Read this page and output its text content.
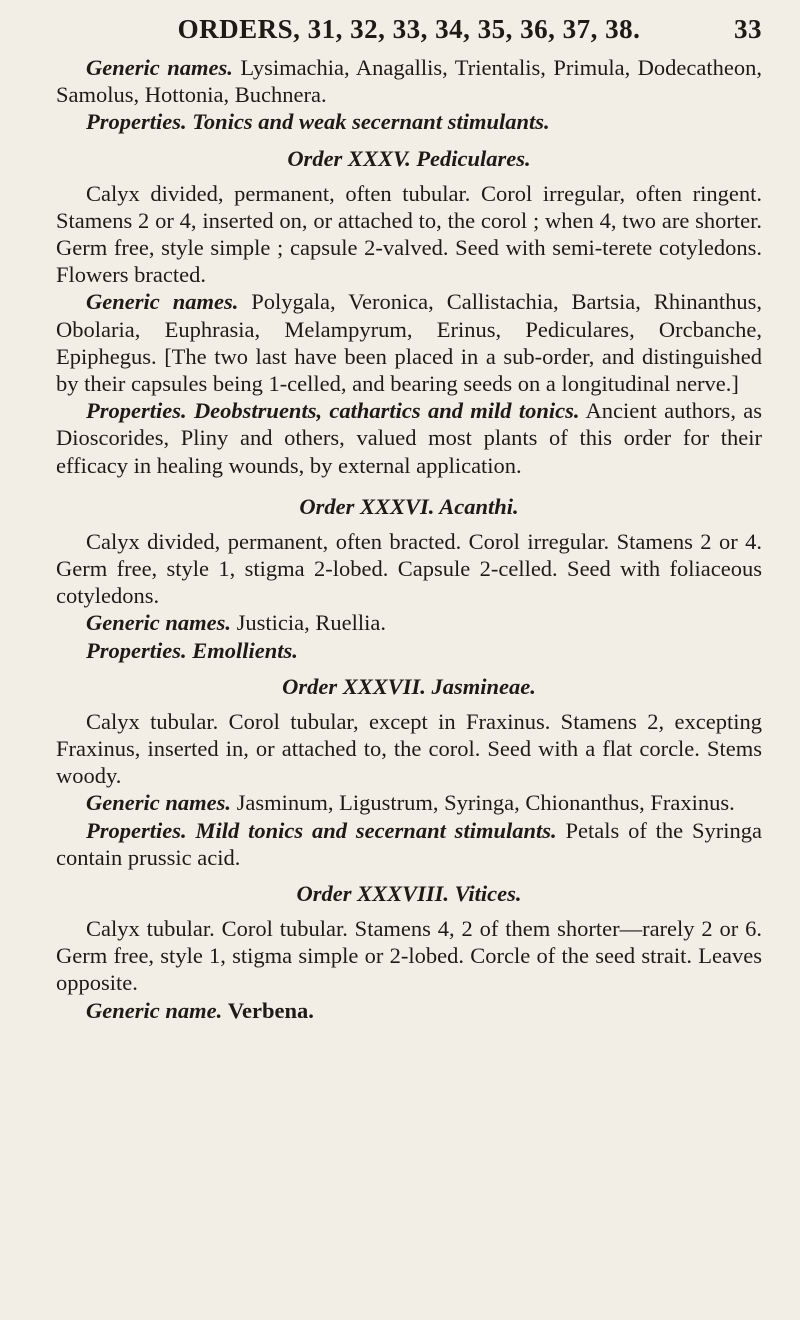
ORDERS, 31, 32, 33, 34, 35, 36, 37, 38.	33

Generic names. Lysimachia, Anagallis, Trientalis, Primula, Dodecatheon, Samolus, Hottonia, Buchnera.

Properties. Tonics and weak secernant stimulants.

Order XXXV. Pediculares.

Calyx divided, permanent, often tubular. Corol irregular, often ringent. Stamens 2 or 4, inserted on, or attached to, the corol ; when 4, two are shorter. Germ free, style simple ; capsule 2-valved. Seed with semi-terete cotyledons. Flowers bracted.

Generic names. Polygala, Veronica, Callistachia, Bartsia, Rhinanthus, Obolaria, Euphrasia, Melampyrum, Erinus, Pediculares, Orcbanche, Epiphegus. [The two last have been placed in a sub-order, and distinguished by their capsules being 1-celled, and bearing seeds on a longitudinal nerve.]

Properties. Deobstruents, cathartics and mild tonics. Ancient authors, as Dioscorides, Pliny and others, valued most plants of this order for their efficacy in healing wounds, by external application.

Order XXXVI. Acanthi.

Calyx divided, permanent, often bracted. Corol irregular. Stamens 2 or 4. Germ free, style 1, stigma 2-lobed. Capsule 2-celled. Seed with foliaceous cotyledons.

Generic names. Justicia, Ruellia.

Properties. Emollients.

Order XXXVII. Jasmineae.

Calyx tubular. Corol tubular, except in Fraxinus. Stamens 2, excepting Fraxinus, inserted in, or attached to, the corol. Seed with a flat corcle. Stems woody.

Generic names. Jasminum, Ligustrum, Syringa, Chionanthus, Fraxinus.

Properties. Mild tonics and secernant stimulants. Petals of the Syringa contain prussic acid.

Order XXXVIII. Vitices.

Calyx tubular. Corol tubular. Stamens 4, 2 of them shorter—rarely 2 or 6. Germ free, style 1, stigma simple or 2-lobed. Corcle of the seed strait. Leaves opposite.

Generic name. Verbena.
